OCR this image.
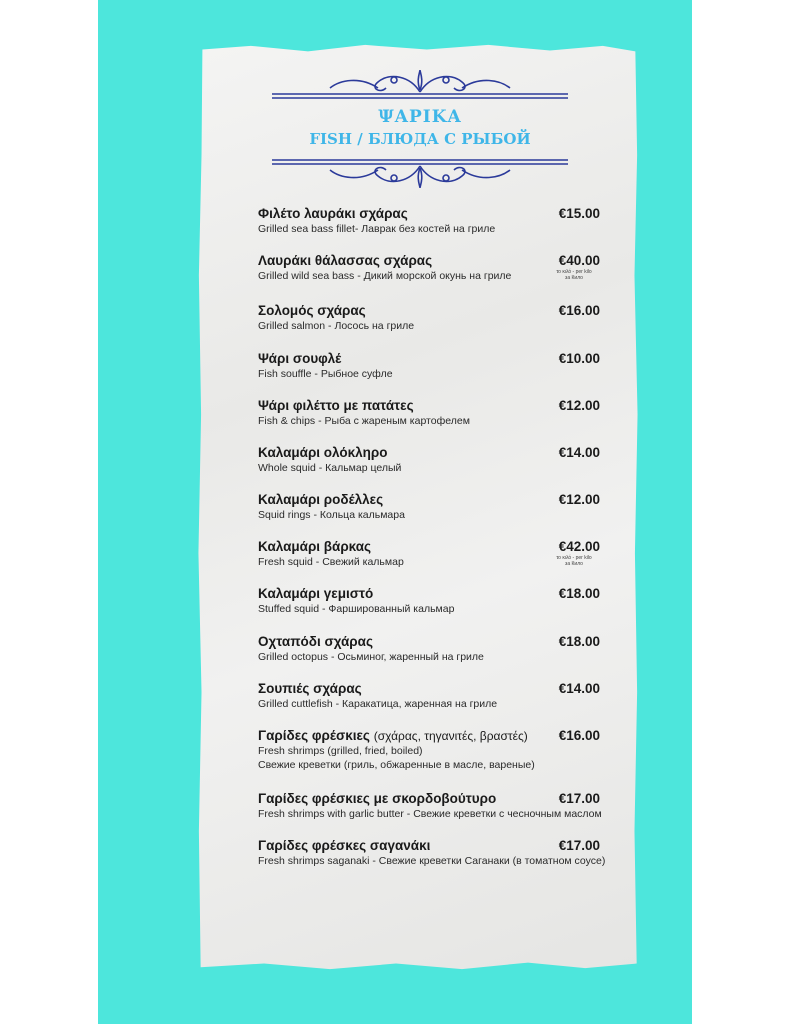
ΨΑΡΙΚΑ
FISH / БЛЮДА С РЫБОЙ
Φιλέτο λαυράκι σχάρας
Grilled sea bass fillet- Лаврак без костей на гриле
€15.00
Λαυράκι θάλασσας σχάρας
Grilled wild sea bass - Дикий морской окунь на гриле
€40.00
το κιλό - per kilo
за Кило
Σολομός σχάρας
Grilled salmon - Лосось на гриле
€16.00
Ψάρι σουφλέ
Fish souffle - Рыбное суфле
€10.00
Ψάρι φιλέττο με πατάτες
Fish & chips - Рыба с жареным картофелем
€12.00
Καλαμάρι ολόκληρο
Whole squid - Кальмар целый
€14.00
Καλαμάρι ροδέλλες
Squid rings - Кольца кальмара
€12.00
Καλαμάρι βάρκας
Fresh squid - Свежий кальмар
€42.00
το κιλό - per kilo
за Кило
Καλαμάρι γεμιστό
Stuffed squid - Фаршированный кальмар
€18.00
Οχταπόδι σχάρας
Grilled octopus - Осьминог, жаренный на гриле
€18.00
Σουπιές σχάρας
Grilled cuttlefish - Каракатица, жаренная на гриле
€14.00
Γαρίδες φρέσκιες (σχάρας, τηγανιτές, βραστές)
Fresh shrimps (grilled, fried, boiled)
Свежие креветки (гриль, обжаренные в масле, вареные)
€16.00
Γαρίδες φρέσκιες με σκορδοβούτυρο
Fresh shrimps with garlic butter - Свежие креветки с чесночным маслом
€17.00
Γαρίδες φρέσκες σαγανάκι
Fresh shrimps saganaki - Свежие креветки Саганаки (в томатном соусе)
€17.00
